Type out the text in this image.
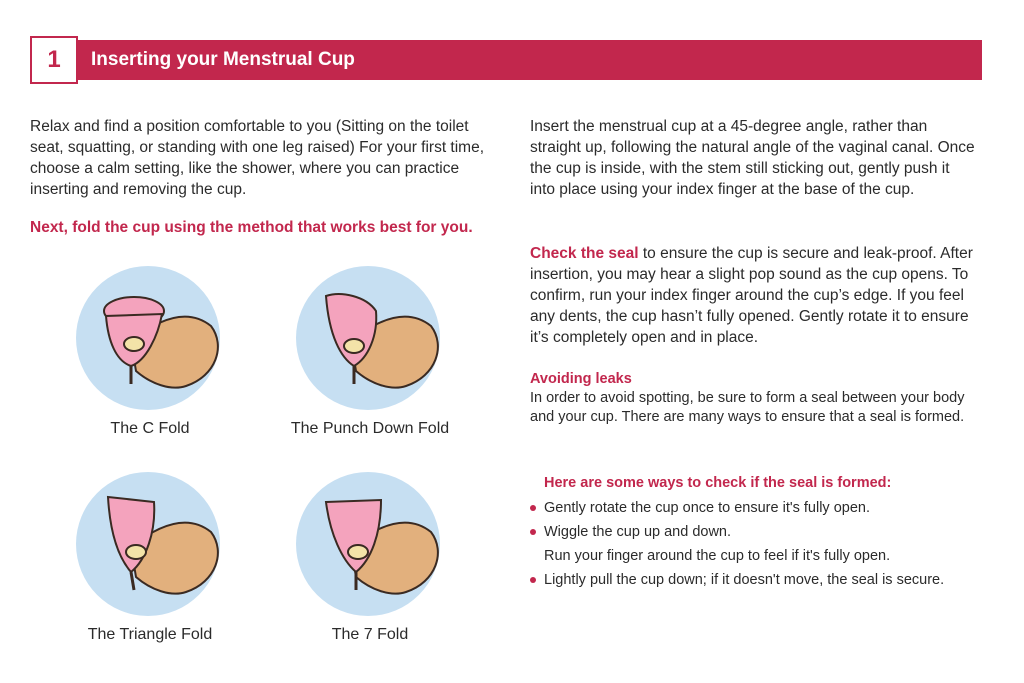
1	Inserting your Menstrual Cup

Relax and find a position comfortable to you (Sitting on the toilet seat, squatting, or standing with one leg raised) For your first time, choose a calm setting, like the shower, where you can practice inserting and removing the cup.

Next, fold the cup using the method that works best for you.

The C Fold	The Punch Down Fold
The Triangle Fold	The 7 Fold

Insert the menstrual cup at a 45-degree angle, rather than straight up, following the natural angle of the vaginal canal. Once the cup is inside, with the stem still sticking out, gently push it into place using your index finger at the base of the cup.

Check the seal to ensure the cup is secure and leak-proof. After insertion, you may hear a slight pop sound as the cup opens. To confirm, run your index finger around the cup’s edge. If you feel any dents, the cup hasn’t fully opened. Gently rotate it to ensure it’s completely open and in place.

Avoiding leaks

In order to avoid spotting, be sure to form a seal between your body and your cup. There are many ways to ensure that a seal is formed.

Here are some ways to check if the seal is formed:
Gently rotate the cup once to ensure it's fully open.
Wiggle the cup up and down.
Run your finger around the cup to feel if it's fully open.
Lightly pull the cup down; if it doesn't move, the seal is secure.
